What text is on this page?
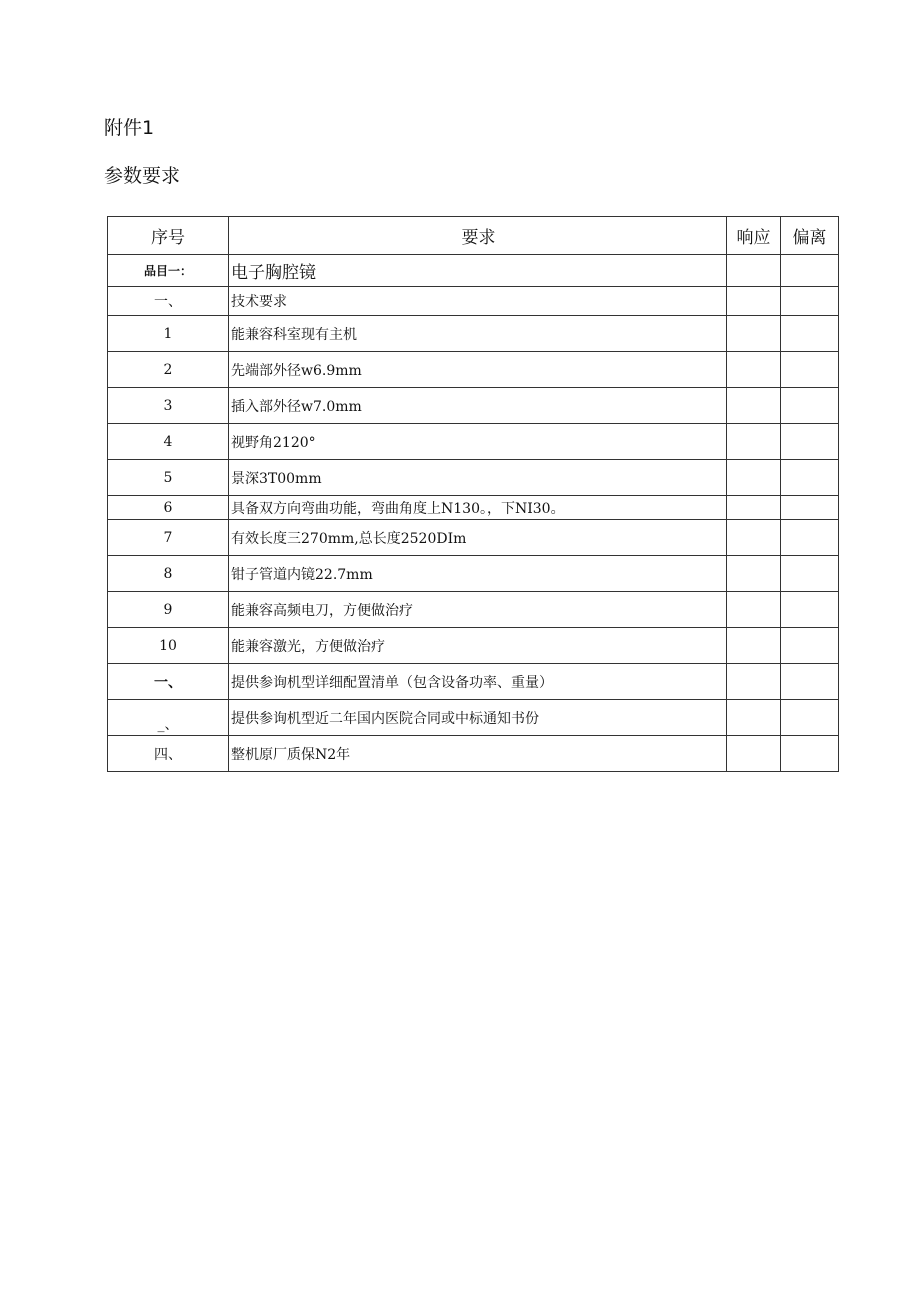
附件1
参数要求
序号	要求	响应	偏离
品目一：	电子胸腔镜		
一、	技术要求		
1	能兼容科室现有主机		
2	先端部外径w6.9mm		
3	插入部外径w7.0mm		
4	视野角2120°		
5	景深3T00mm		
6	具备双方向弯曲功能，弯曲角度上N130。，下NI30。		
7	有效长度三270mm,总长度2520DIm		
8	钳子管道内镜22.7mm		
9	能兼容高频电刀，方便做治疗		
10	能兼容激光，方便做治疗		
一、	提供参询机型详细配置清单（包含设备功率、重量）		
_、	提供参询机型近二年国内医院合同或中标通知书份		
四、	整机原厂质保N2年		
